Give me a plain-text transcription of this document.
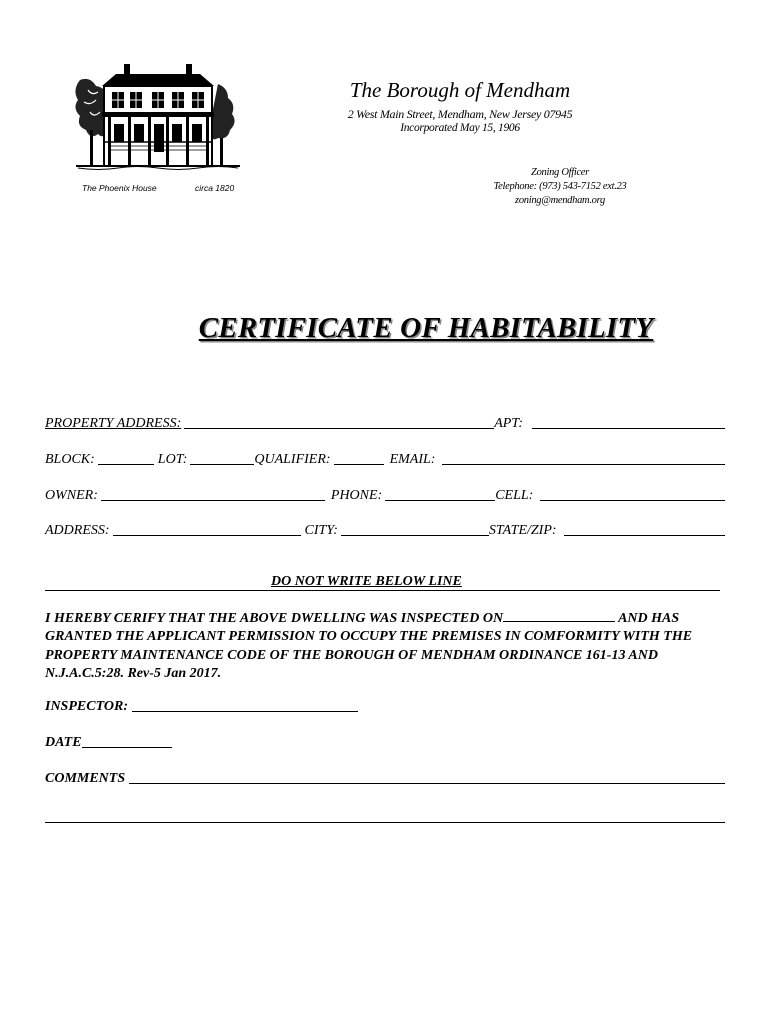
The Phoenix House	circa 1820
The Borough of Mendham
2 West Main Street, Mendham, New Jersey 07945
Incorporated May 15, 1906
Zoning Officer
Telephone: (973) 543-7152 ext.23
zoning@mendham.org
CERTIFICATE OF HABITABILITY
PROPERTY ADDRESS:	APT:
BLOCK:	LOT:	QUALIFIER:	EMAIL:
OWNER:	PHONE:	CELL:
ADDRESS:	CITY:	STATE/ZIP:
DO NOT WRITE BELOW LINE
I HEREBY CERIFY THAT THE ABOVE DWELLING WAS INSPECTED ON	AND HAS GRANTED THE APPLICANT PERMISSION TO OCCUPY THE PREMISES IN COMFORMITY WITH THE PROPERTY MAINTENANCE CODE OF THE BOROUGH OF MENDHAM ORDINANCE 161-13 AND N.J.A.C.5:28. Rev-5 Jan 2017.
INSPECTOR:
DATE
COMMENTS
